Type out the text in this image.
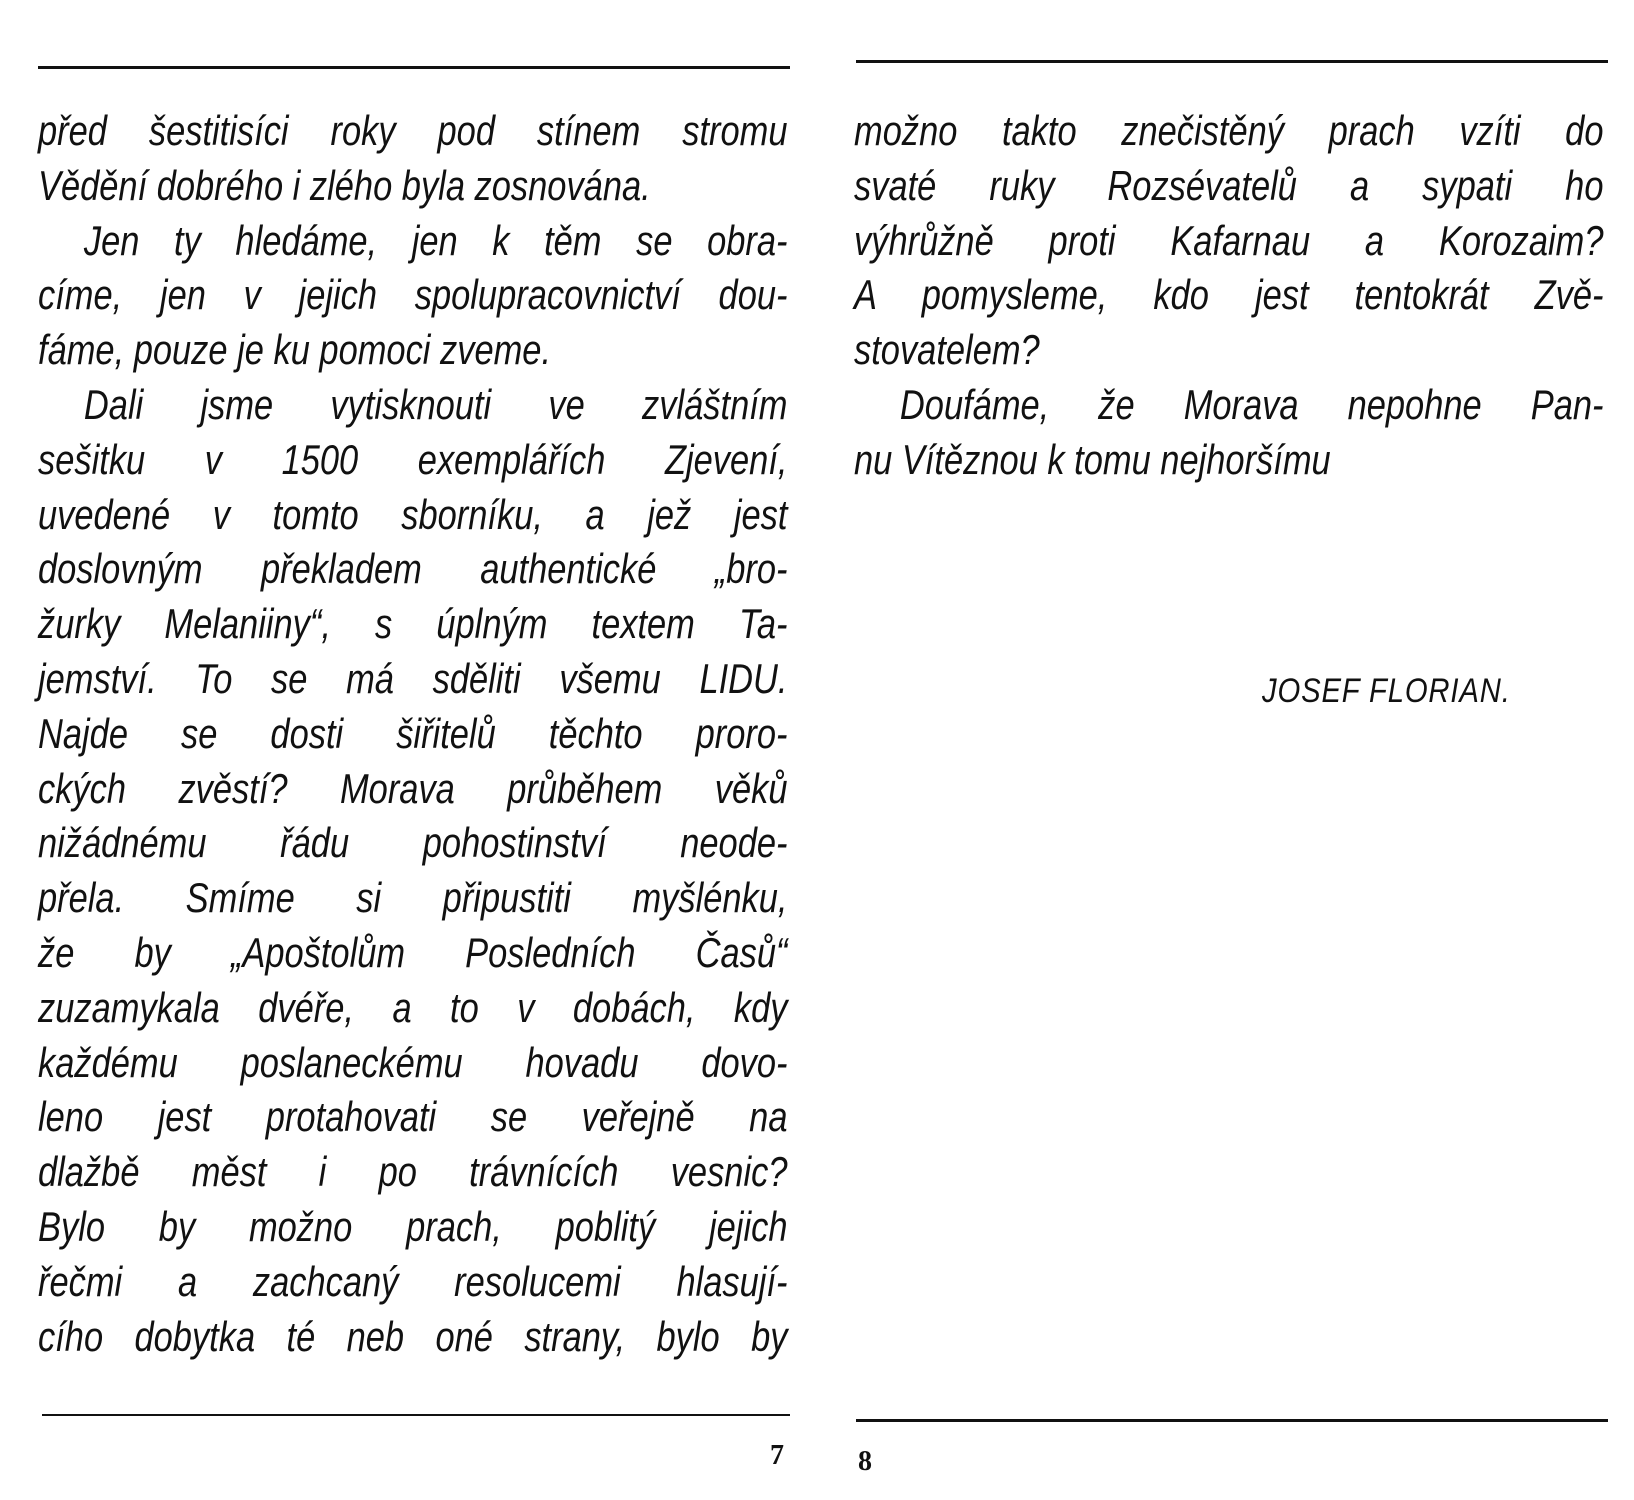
před šestitisíci roky pod stínem stromu
Vědění dobrého i zlého byla zosnována.
Jen ty hledáme, jen k těm se obra-
címe, jen v jejich spolupracovnictví dou-
fáme, pouze je ku pomoci zveme.
Dali jsme vytisknouti ve zvláštním
sešitku v 1500 exemplářích Zjevení,
uvedené v tomto sborníku, a jež jest
doslovným překladem authentické „bro-
žurky Melaniiny“, s úplným textem Ta-
jemství. To se má sděliti všemu LIDU.
Najde se dosti šiřitelů těchto proro-
ckých zvěstí? Morava průběhem věků
nižádnému řádu pohostinství neode-
přela. Smíme si připustiti myšlénku,
že by „Apoštolům Posledních Časů“
zuzamykala dvéře, a to v dobách, kdy
každému poslaneckému hovadu dovo-
leno jest protahovati se veřejně na
dlažbě měst i po trávnících vesnic?
Bylo by možno prach, poblitý jejich
řečmi a zachcaný resolucemi hlasují-
cího dobytka té neb oné strany, bylo by
možno takto znečistěný prach vzíti do
svaté ruky Rozsévatelů a sypati ho
výhrůžně proti Kafarnau a Korozaim?
A pomysleme, kdo jest tentokrát Zvě-
stovatelem?
Doufáme, že Morava nepohne Pan-
nu Vítěznou k tomu nejhoršímu
JOSEF FLORIAN.
7	8
